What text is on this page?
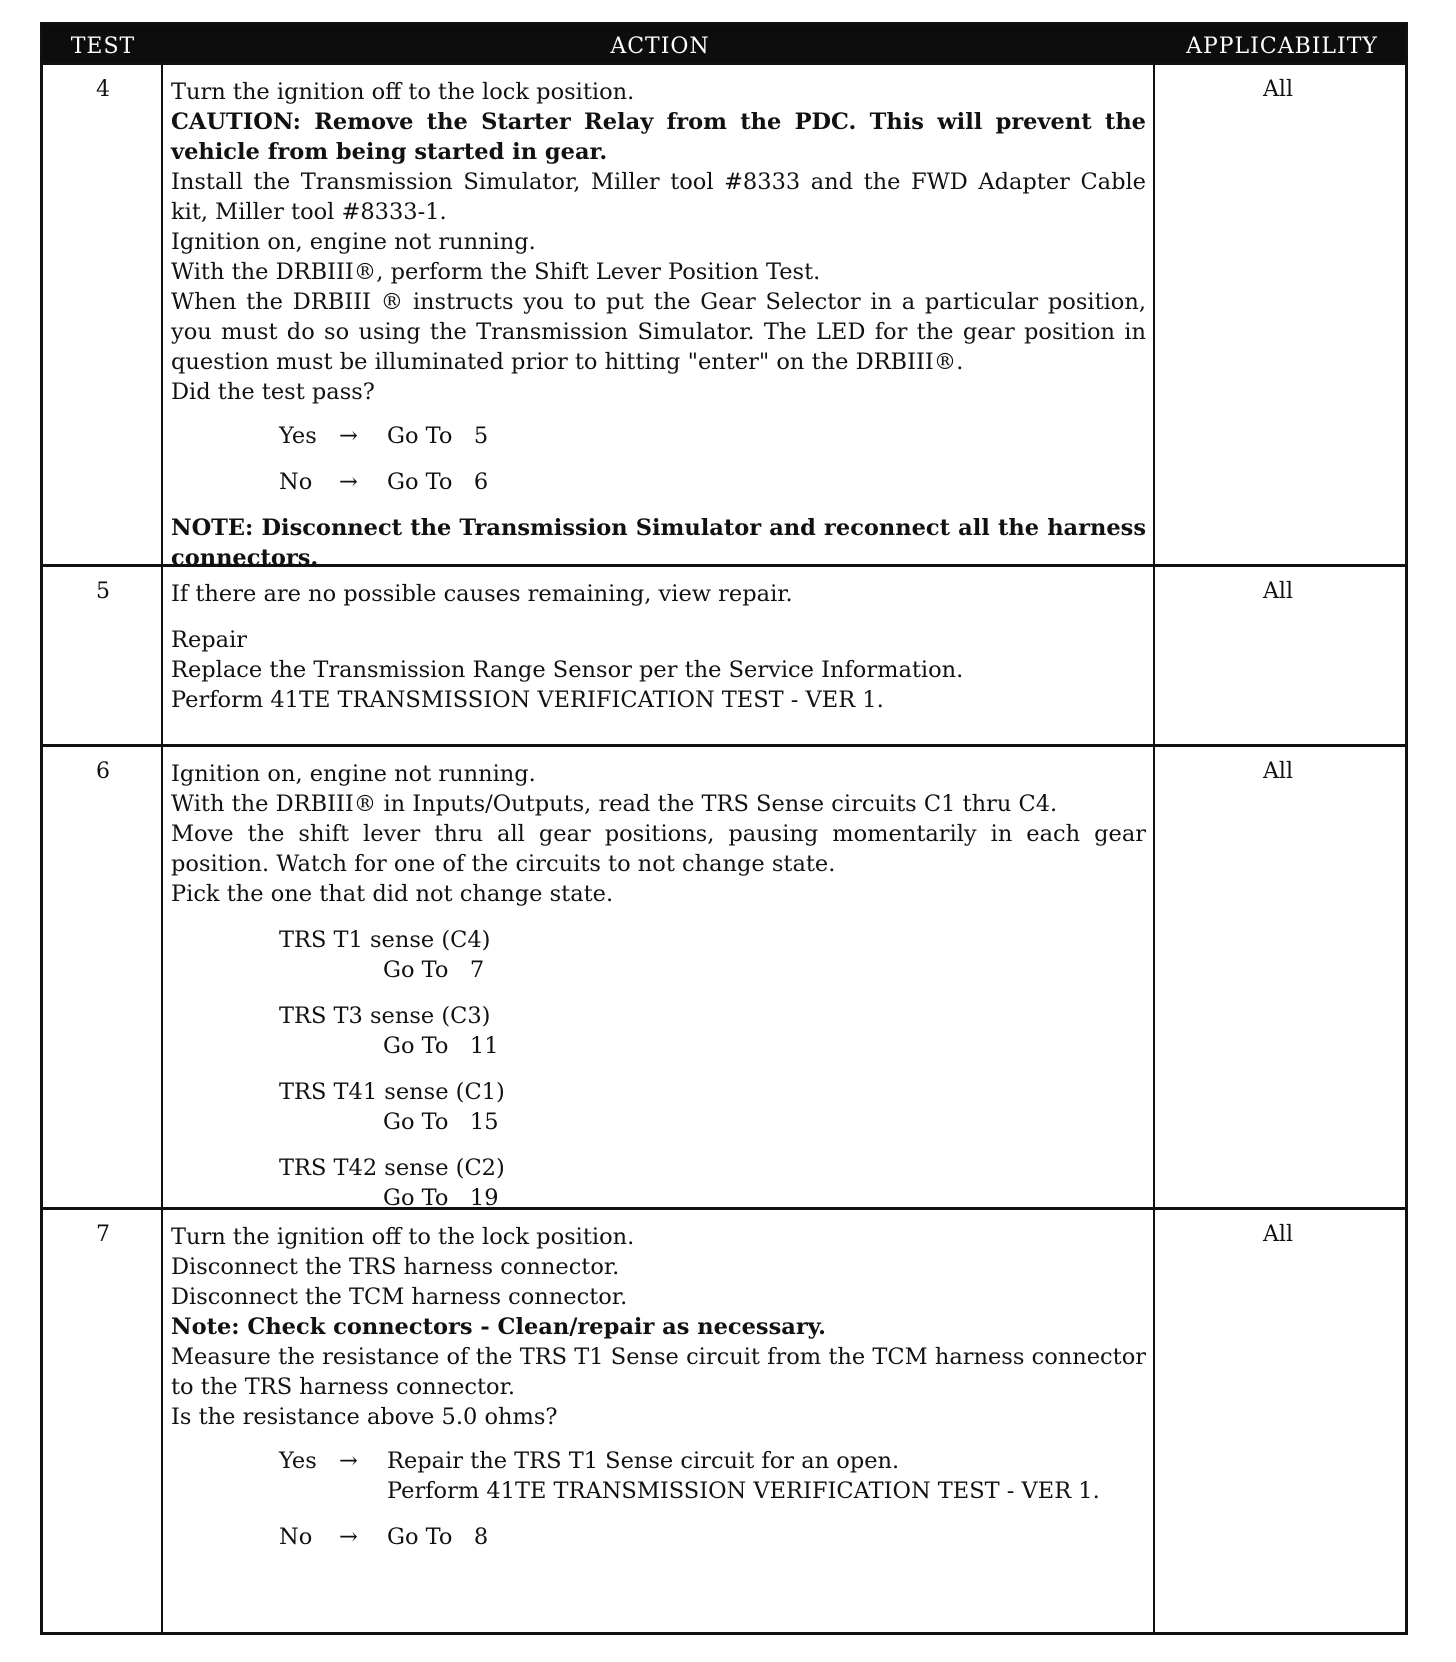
TEST	ACTION	APPLICABILITY
4	Turn the ignition off to the lock position.

CAUTION: Remove the Starter Relay from the PDC. This will prevent the vehicle from being started in gear.

Install the Transmission Simulator, Miller tool #8333 and the FWD Adapter Cable kit, Miller tool #8333-1.

Ignition on, engine not running.

With the DRBIII®, perform the Shift Lever Position Test.

When the DRBIII ® instructs you to put the Gear Selector in a particular position, you must do so using the Transmission Simulator. The LED for the gear position in question must be illuminated prior to hitting "enter" on the DRBIII®.

Did the test pass?

Yes →	Go To   5
No	→	Go To   6

NOTE: Disconnect the Transmission Simulator and reconnect all the harness connectors.

All
5	If there are no possible causes remaining, view repair.

Repair

Replace the Transmission Range Sensor per the Service Information.

Perform 41TE TRANSMISSION VERIFICATION TEST - VER 1.

All
6	Ignition on, engine not running.

With the DRBIII® in Inputs/Outputs, read the TRS Sense circuits C1 thru C4.

Move the shift lever thru all gear positions, pausing momentarily in each gear position. Watch for one of the circuits to not change state.

Pick the one that did not change state.

TRS T1 sense (C4)
Go To   7
TRS T3 sense (C3)
Go To   11
TRS T41 sense (C1)
Go To   15
TRS T42 sense (C2)
Go To   19
All
7	Turn the ignition off to the lock position.

Disconnect the TRS harness connector.

Disconnect the TCM harness connector.

Note: Check connectors - Clean/repair as necessary.

Measure the resistance of the TRS T1 Sense circuit from the TCM harness connector to the TRS harness connector.

Is the resistance above 5.0 ohms?

Yes →	Repair the TRS T1 Sense circuit for an open.
Perform 41TE TRANSMISSION VERIFICATION TEST - VER 1.
No	→	Go To   8
All
